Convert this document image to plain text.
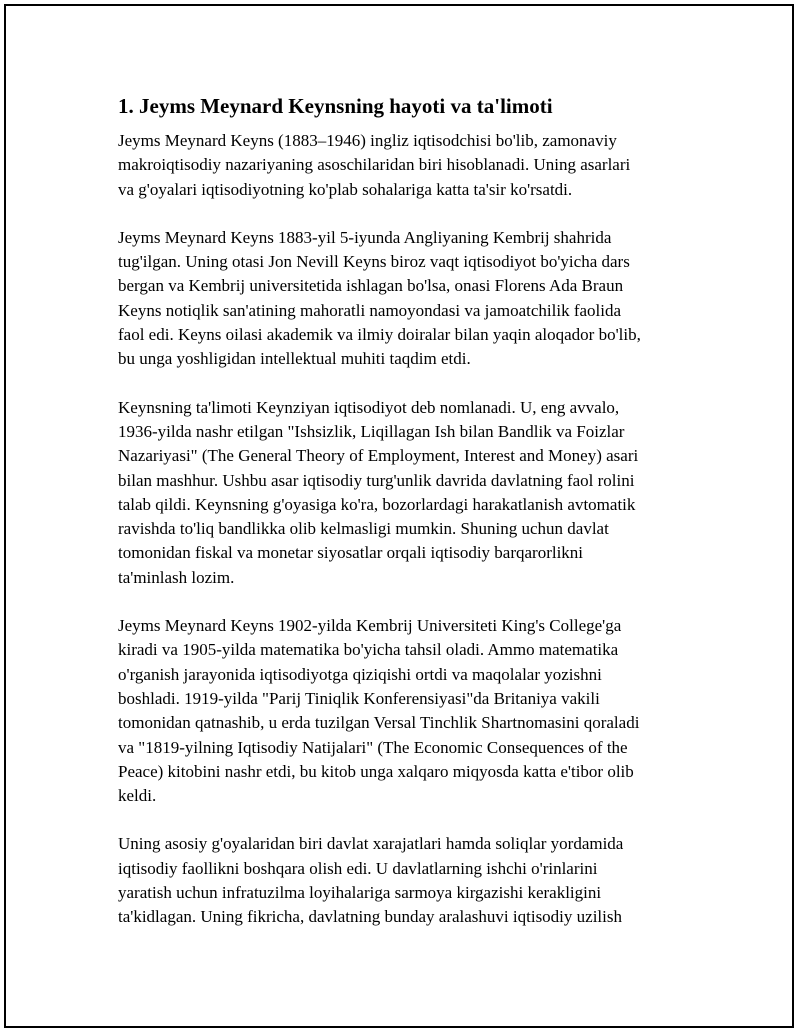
1. Jeyms Meynard Keynsning hayoti va ta'limoti

Jeyms Meynard Keyns (1883–1946) ingliz iqtisodchisi bo'lib, zamonaviy
makroiqtisodiy nazariyaning asoschilaridan biri hisoblanadi. Uning asarlari
va g'oyalari iqtisodiyotning ko'plab sohalariga katta ta'sir ko'rsatdi.

Jeyms Meynard Keyns 1883-yil 5-iyunda Angliyaning Kembrij shahrida
tug'ilgan. Uning otasi Jon Nevill Keyns biroz vaqt iqtisodiyot bo'yicha dars
bergan va Kembrij universitetida ishlagan bo'lsa, onasi Florens Ada Braun
Keyns notiqlik san'atining mahoratli namoyondasi va jamoatchilik faolida
faol edi. Keyns oilasi akademik va ilmiy doiralar bilan yaqin aloqador bo'lib,
bu unga yoshligidan intellektual muhiti taqdim etdi.

Keynsning ta'limoti Keynziyan iqtisodiyot deb nomlanadi. U, eng avvalo,
1936-yilda nashr etilgan "Ishsizlik, Liqillagan Ish bilan Bandlik va Foizlar
Nazariyasi" (The General Theory of Employment, Interest and Money) asari
bilan mashhur. Ushbu asar iqtisodiy turg'unlik davrida davlatning faol rolini
talab qildi. Keynsning g'oyasiga ko'ra, bozorlardagi harakatlanish avtomatik
ravishda to'liq bandlikka olib kelmasligi mumkin. Shuning uchun davlat
tomonidan fiskal va monetar siyosatlar orqali iqtisodiy barqarorlikni
ta'minlash lozim.

Jeyms Meynard Keyns 1902-yilda Kembrij Universiteti King's College'ga
kiradi va 1905-yilda matematika bo'yicha tahsil oladi. Ammo matematika
o'rganish jarayonida iqtisodiyotga qiziqishi ortdi va maqolalar yozishni
boshladi. 1919-yilda "Parij Tiniqlik Konferensiyasi"da Britaniya vakili
tomonidan qatnashib, u erda tuzilgan Versal Tinchlik Shartnomasini qoraladi
va "1819-yilning Iqtisodiy Natijalari" (The Economic Consequences of the
Peace) kitobini nashr etdi, bu kitob unga xalqaro miqyosda katta e'tibor olib
keldi.

Uning asosiy g'oyalaridan biri davlat xarajatlari hamda soliqlar yordamida
iqtisodiy faollikni boshqara olish edi. U davlatlarning ishchi o'rinlarini
yaratish uchun infratuzilma loyihalariga sarmoya kirgazishi kerakligini
ta'kidlagan. Uning fikricha, davlatning bunday aralashuvi iqtisodiy uzilish
